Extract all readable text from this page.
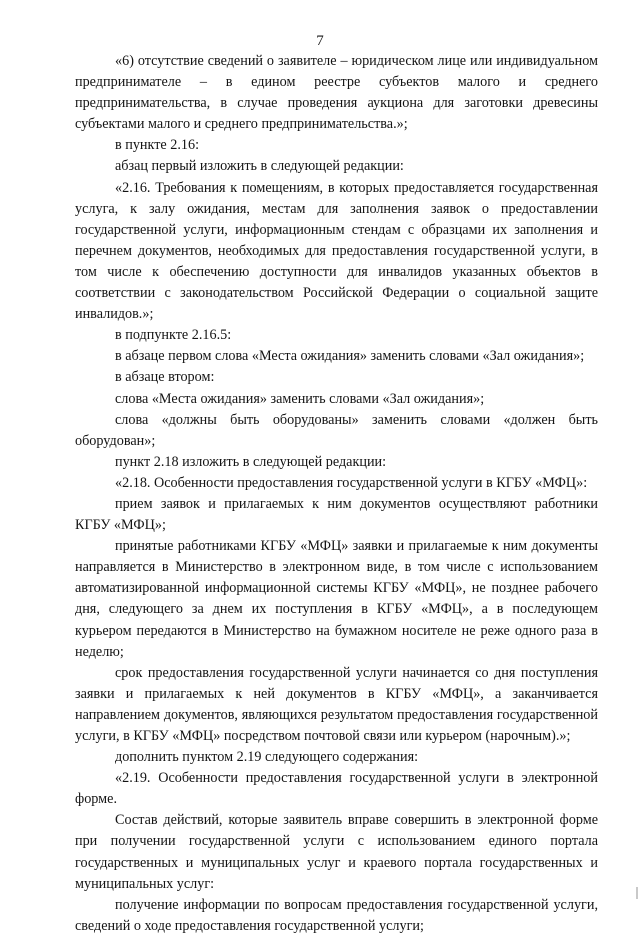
7

«6) отсутствие сведений о заявителе – юридическом лице или индивидуальном предпринимателе – в едином реестре субъектов малого и среднего предпринимательства, в случае проведения аукциона для заготовки древесины субъектами малого и среднего предпринимательства.»;

в пункте 2.16:

абзац первый изложить в следующей редакции:

«2.16. Требования к помещениям, в которых предоставляется государственная услуга, к залу ожидания, местам для заполнения заявок о предоставлении государственной услуги, информационным стендам с образцами их заполнения и перечнем документов, необходимых для предоставления государственной услуги, в том числе к обеспечению доступности для инвалидов указанных объектов в соответствии с законодательством Российской Федерации о социальной защите инвалидов.»;

в подпункте 2.16.5:

в абзаце первом слова «Места ожидания» заменить словами «Зал ожидания»;

в абзаце втором:

слова «Места ожидания» заменить словами «Зал ожидания»;

слова «должны быть оборудованы» заменить словами «должен быть оборудован»;

пункт 2.18 изложить в следующей редакции:

«2.18. Особенности предоставления государственной услуги в КГБУ «МФЦ»:

прием заявок и прилагаемых к ним документов осуществляют работники КГБУ «МФЦ»;

принятые работниками КГБУ «МФЦ» заявки и прилагаемые к ним документы направляется в Министерство в электронном виде, в том числе с использованием автоматизированной информационной системы КГБУ «МФЦ», не позднее рабочего дня, следующего за днем их поступления в КГБУ «МФЦ», а в последующем курьером передаются в Министерство на бумажном носителе не реже одного раза в неделю;

срок предоставления государственной услуги начинается со дня поступления заявки и прилагаемых к ней документов в КГБУ «МФЦ», а заканчивается направлением документов, являющихся результатом предоставления государственной услуги, в КГБУ «МФЦ» посредством почтовой связи или курьером (нарочным).»;

дополнить пунктом 2.19 следующего содержания:

«2.19. Особенности предоставления государственной услуги в электронной форме.

Состав действий, которые заявитель вправе совершить в электронной форме при получении государственной услуги с использованием единого портала государственных и муниципальных услуг и краевого портала государственных и муниципальных услуг:

получение информации по вопросам предоставления государственной услуги, сведений о ходе предоставления государственной услуги;
